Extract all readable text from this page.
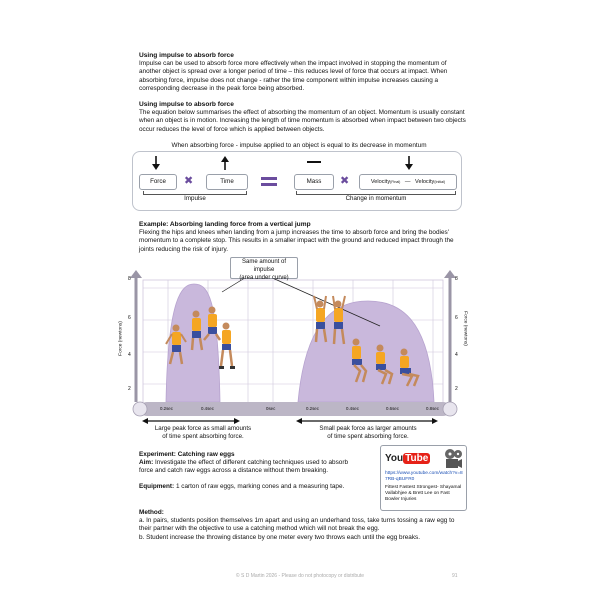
Using impulse to absorb force
Impulse can be used to absorb force more effectively when the impact involved in stopping the momentum of another object is spread over a longer period of time – this reduces level of force that occurs at impact. When absorbing force, impulse does not change - rather the time component within impulse increases causing a corresponding decrease in the peak force being absorbed.
Using impulse to absorb force
The equation below summarises the effect of absorbing the momentum of an object. Momentum is usually constant when an object is in motion. Increasing the length of time momentum is absorbed when impact between two objects occur reduces the level of force which is applied between objects.
When absorbing force - impulse applied to an object is equal to its decrease in momentum
Force	✖	Time	Mass	✖	Velocity(Final) — Velocity(Initial)
Impulse	Change in momentum
Example: Absorbing landing force from a vertical jump
Flexing the hips and knees when landing from a jump increases the time to absorb force and bring the bodies' momentum to a complete stop. This results in a smaller impact with the ground and reduced impact through the joints reducing the risk of injury.
Same amount of impulse
(area under curve)
8
6
4
2
8
6
4
2
Force (newtons)	Force (newtons)
0.2sec	0.4sec	0sec	0.2sec	0.4sec	0.6sec	0.8sec
Large peak force as small amounts
of time spent absorbing force.
Small peak force as larger amounts
of time spent absorbing force.
Experiment: Catching raw eggs
Aim: Investigate the effect of different catching techniques used to absorb force and catch raw eggs across a distance without them breaking.
Equipment: 1 carton of raw eggs, marking cones and a measuring tape.
You Tube
https://www.youtube.com/watch?v=87RB-qBUFR0
Fittest Fastest Strongest- Shayamal Vallabhjee & Brett Lee on Fast Bowler Injuries
Method:
a. In pairs, students position themselves 1m apart and using an underhand toss, take turns tossing a raw egg to their partner with the objective to use a catching method which will not break the egg.
b. Student increase the throwing distance by one meter every two throws each until the egg breaks.
© S D Martin 2026 - Please do not photocopy or distribute	91
